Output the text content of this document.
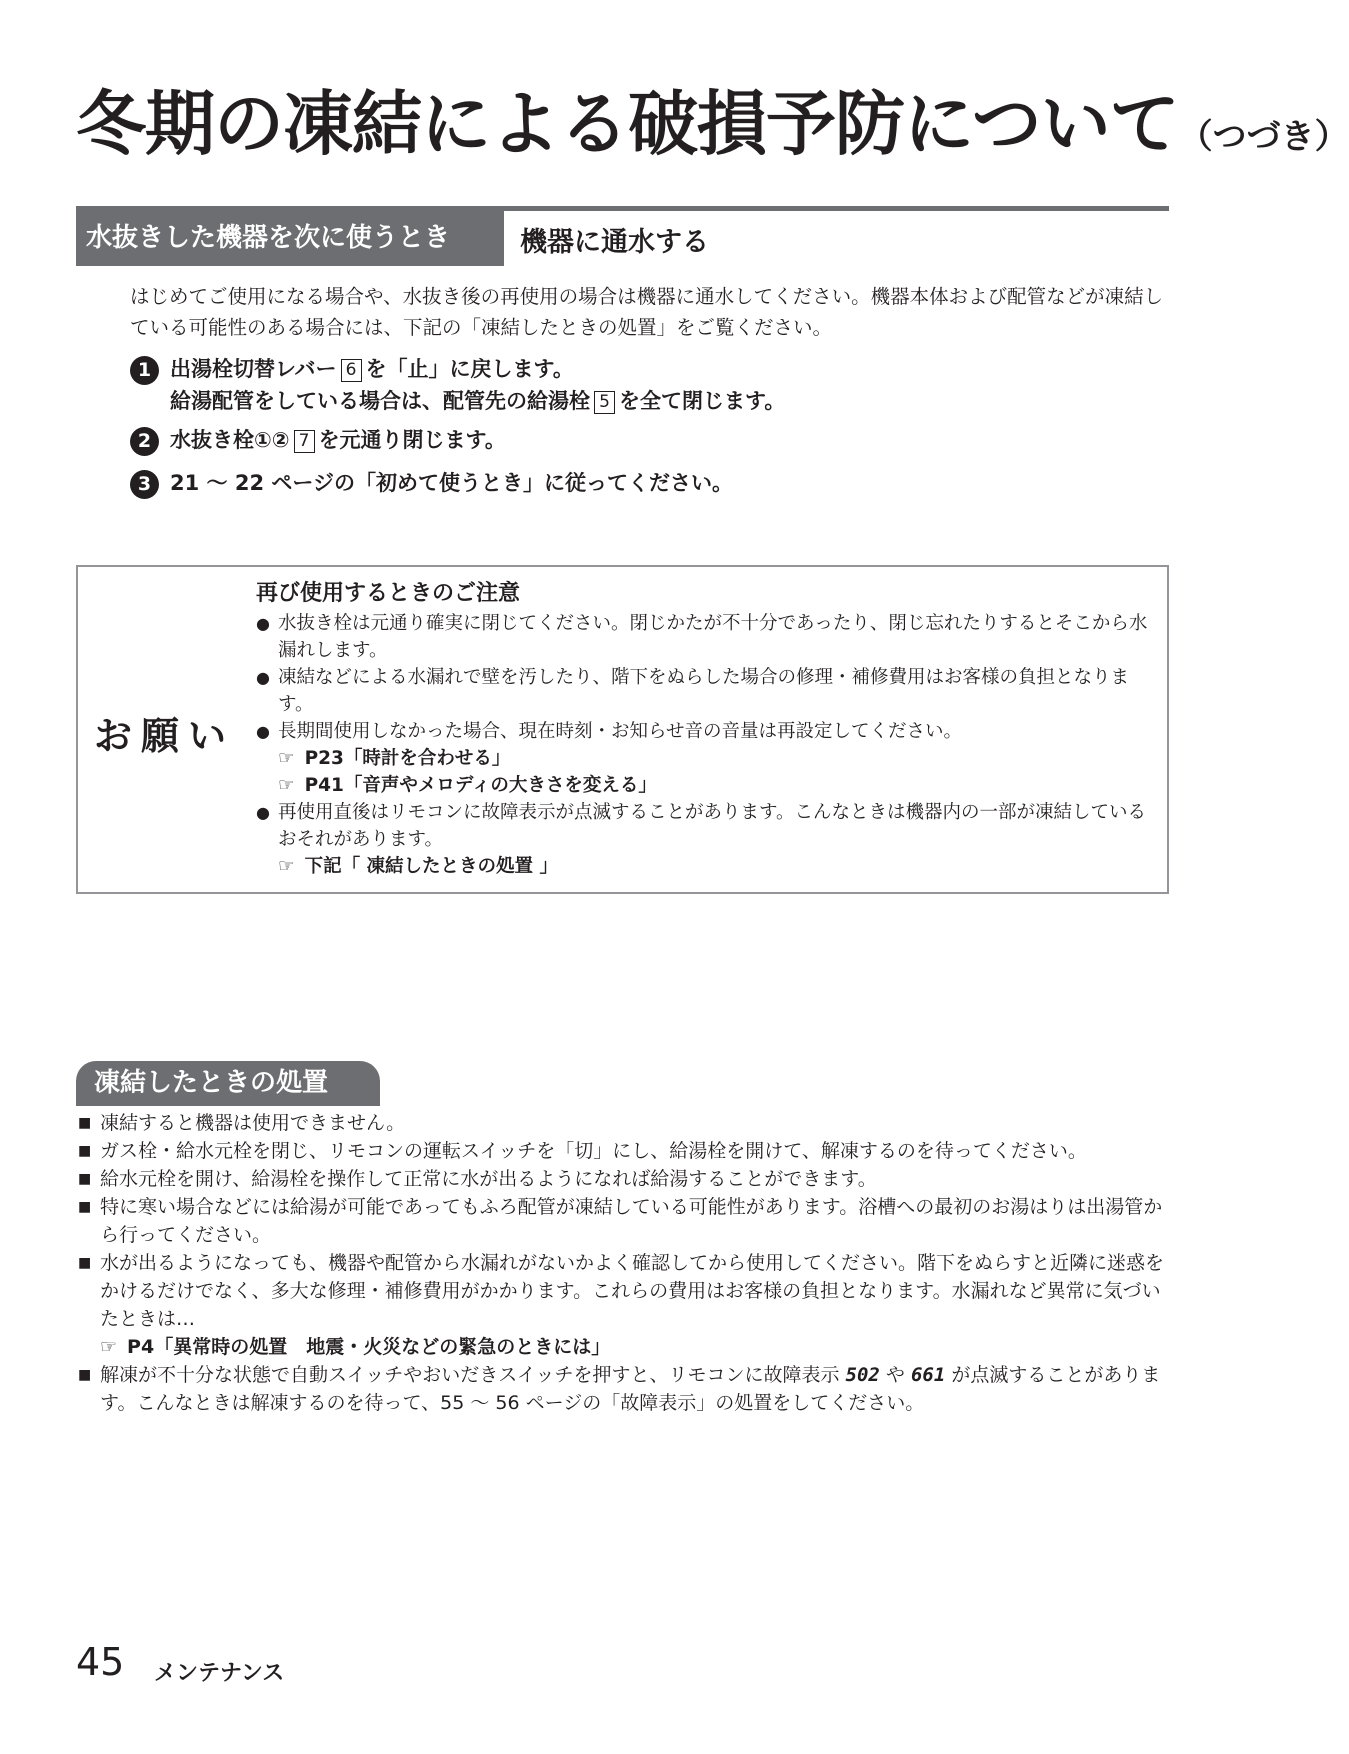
冬期の凍結による破損予防について（つづき）
水抜きした機器を次に使うとき	機器に通水する
はじめてご使用になる場合や、水抜き後の再使用の場合は機器に通水してください。機器本体および配管などが凍結している可能性のある場合には、下記の「凍結したときの処置」をご覧ください。
1 出湯栓切替レバー 6 を「止」に戻します。
給湯配管をしている場合は、配管先の給湯栓 5 を全て閉じます。
2 水抜き栓①② 7 を元通り閉じます。
3 21 ～ 22 ページの「初めて使うとき」に従ってください。
お願い
再び使用するときのご注意
● 水抜き栓は元通り確実に閉じてください。閉じかたが不十分であったり、閉じ忘れたりするとそこから水漏れします。
● 凍結などによる水漏れで壁を汚したり、階下をぬらした場合の修理・補修費用はお客様の負担となります。
● 長期間使用しなかった場合、現在時刻・お知らせ音の音量は再設定してください。
☞ P23「時計を合わせる」
☞ P41「音声やメロディの大きさを変える」
● 再使用直後はリモコンに故障表示が点滅することがあります。こんなときは機器内の一部が凍結しているおそれがあります。
☞ 下記「 凍結したときの処置 」
凍結したときの処置
■ 凍結すると機器は使用できません。
■ ガス栓・給水元栓を閉じ、リモコンの運転スイッチを「切」にし、給湯栓を開けて、解凍するのを待ってください。
■ 給水元栓を開け、給湯栓を操作して正常に水が出るようになれば給湯することができます。
■ 特に寒い場合などには給湯が可能であってもふろ配管が凍結している可能性があります。浴槽への最初のお湯はりは出湯管から行ってください。
■ 水が出るようになっても、機器や配管から水漏れがないかよく確認してから使用してください。階下をぬらすと近隣に迷惑をかけるだけでなく、多大な修理・補修費用がかかります。これらの費用はお客様の負担となります。水漏れなど異常に気づいたときは…
☞ P4「異常時の処置　地震・火災などの緊急のときには」
■ 解凍が不十分な状態で自動スイッチやおいだきスイッチを押すと、リモコンに故障表示 502 や 661 が点滅することがあります。こんなときは解凍するのを待って、55 ～ 56 ページの「故障表示」の処置をしてください。
45 メンテナンス
